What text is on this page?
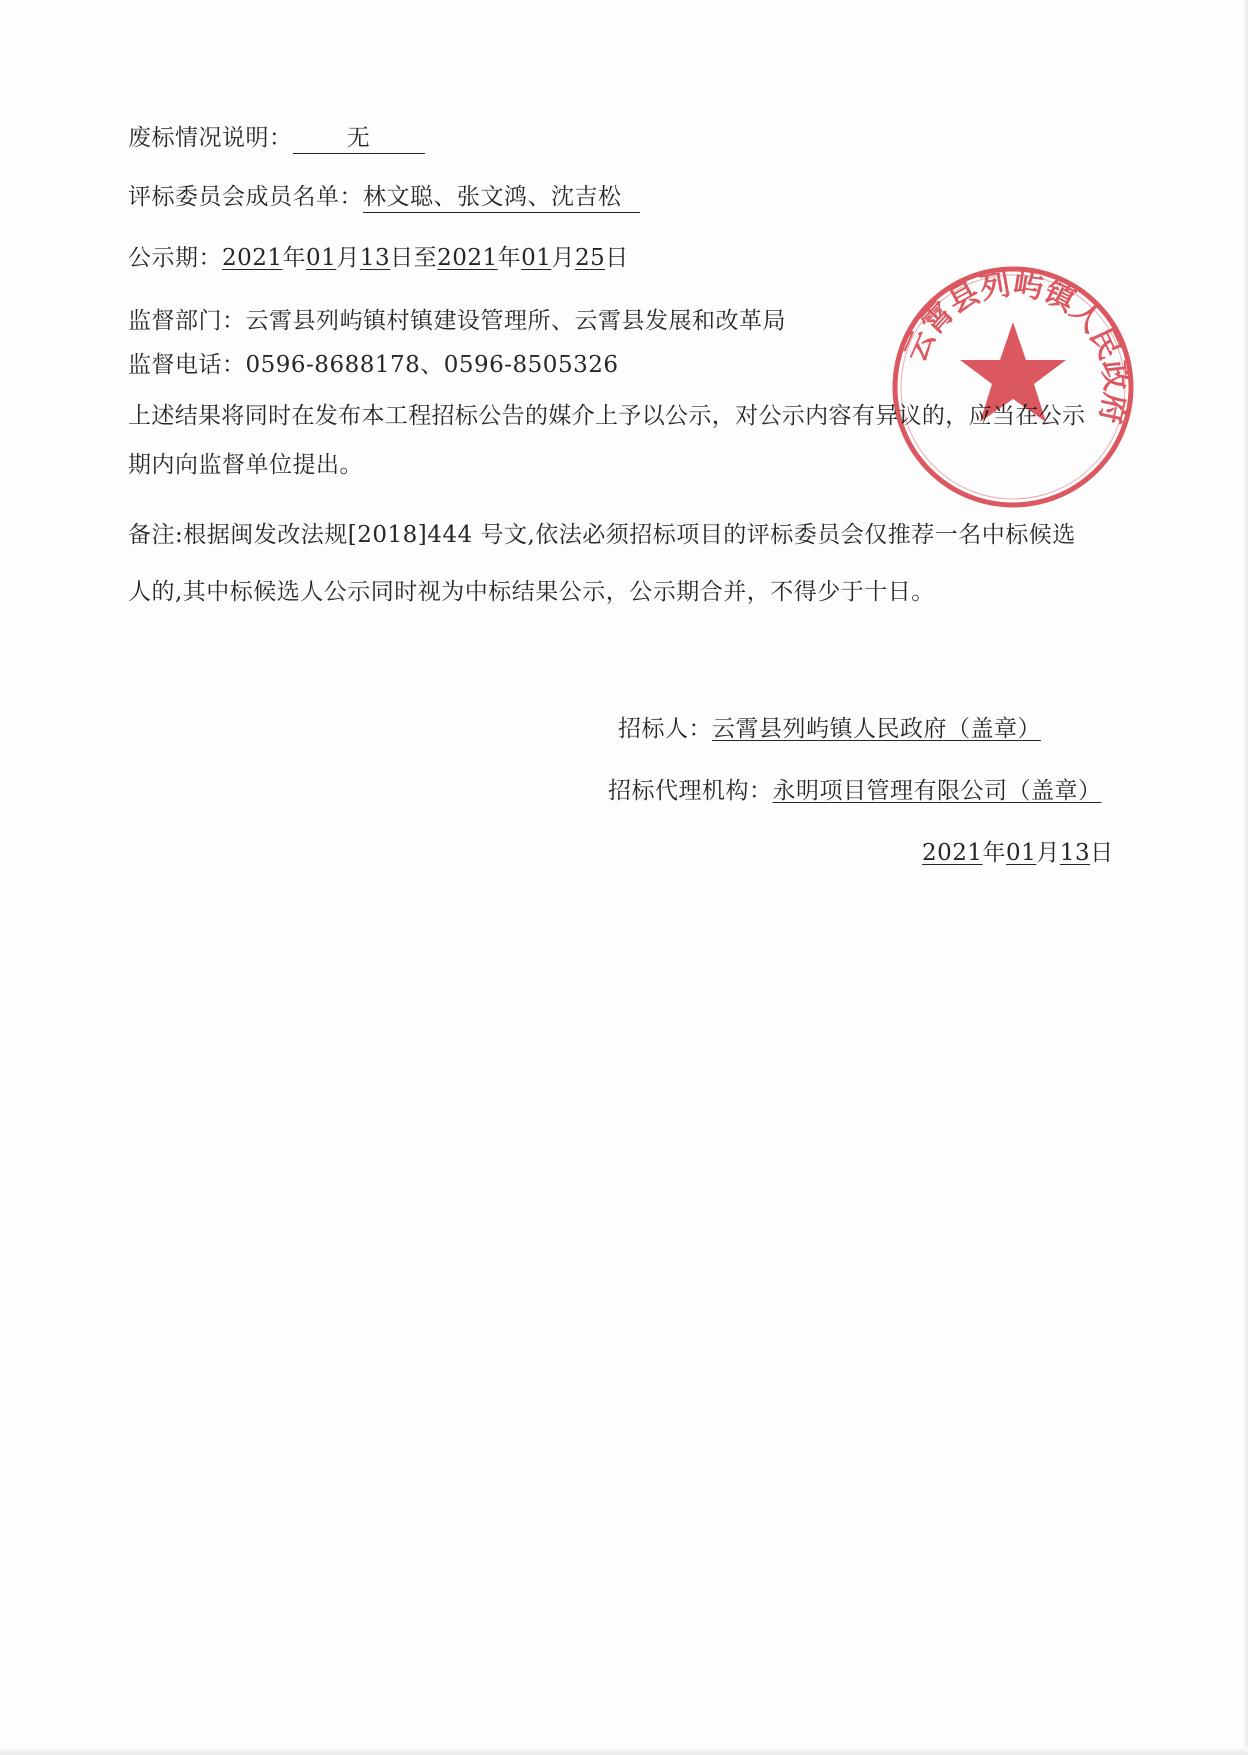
废标情况说明： 无
评标委员会成员名单：林文聪、张文鸿、沈吉松
公示期：2021年01月13日至2021年01月25日
监督部门：云霄县列屿镇村镇建设管理所、云霄县发展和改革局
监督电话：0596-8688178、0596-8505326
上述结果将同时在发布本工程招标公告的媒介上予以公示，对公示内容有异议的，应当在公示
期内向监督单位提出。
备注:根据闽发改法规[2018]444 号文,依法必须招标项目的评标委员会仅推荐一名中标候选
人的,其中标候选人公示同时视为中标结果公示，公示期合并，不得少于十日。
招标人：云霄县列屿镇人民政府（盖章）
招标代理机构：永明项目管理有限公司（盖章）
2021年01月13日
云霄县列屿镇人民政府
